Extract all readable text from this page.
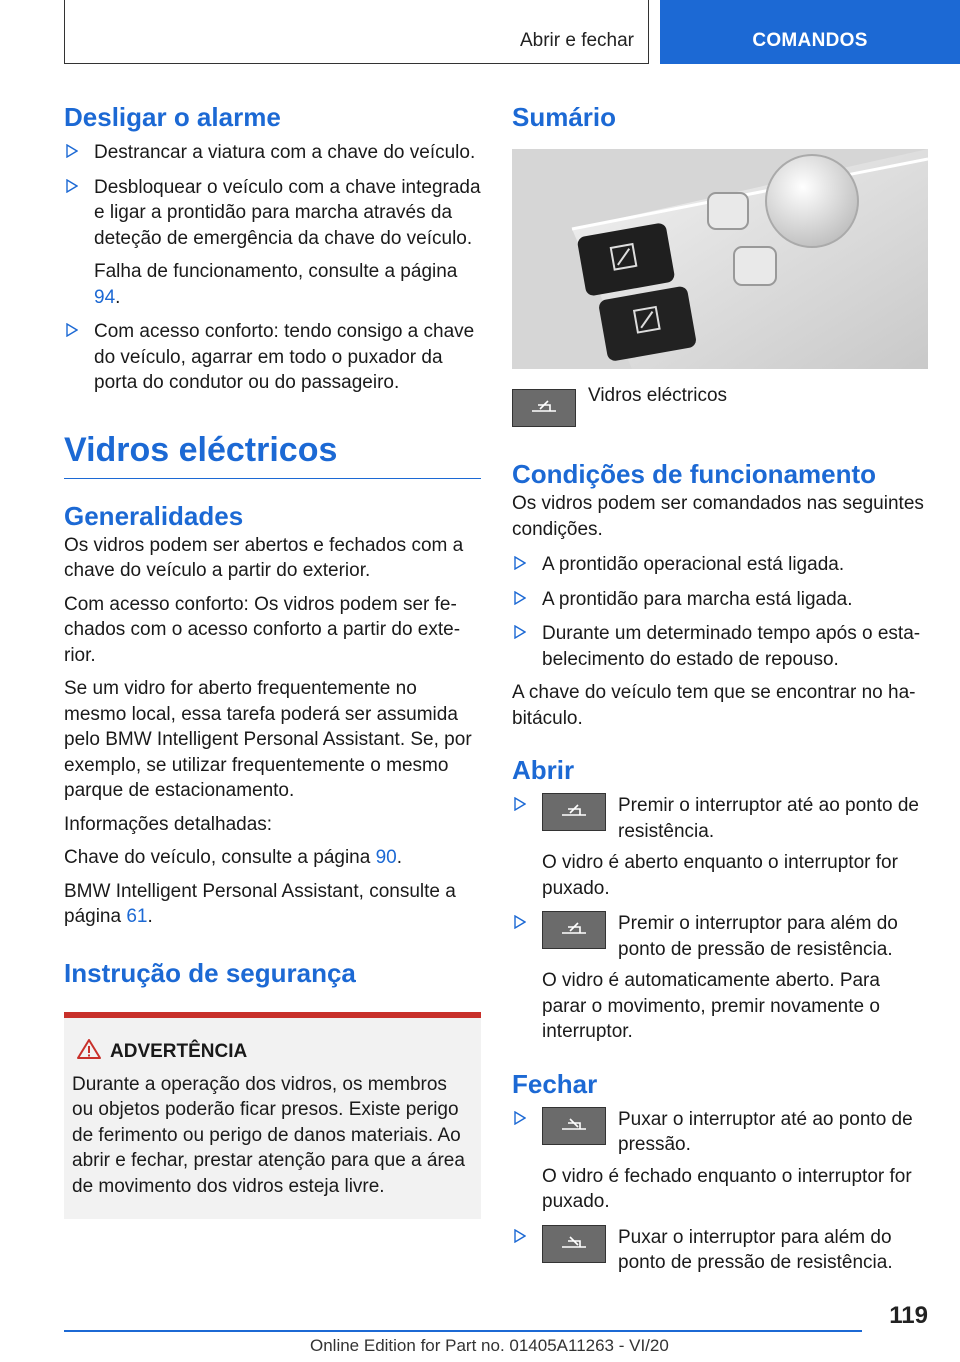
Abrir e fechar	COMANDOS
Desligar o alarme
Destrancar a viatura com a chave do veículo.
Desbloquear o veículo com a chave integrada e ligar a prontidão para marcha através da deteção de emergência da chave do veículo.

Falha de funcionamento, consulte a página 94.

Com acesso conforto: tendo consigo a chave do veículo, agarrar em todo o puxador da porta do condutor ou do passageiro.
Vidros eléctricos
Generalidades

Os vidros podem ser abertos e fechados com a chave do veículo a partir do exterior.

Com acesso conforto: Os vidros podem ser fechados com o acesso conforto a partir do exterior.

Se um vidro for aberto frequentemente no mesmo local, essa tarefa poderá ser assumida pelo BMW Intelligent Personal Assistant. Se, por exemplo, se utilizar frequentemente o mesmo parque de estacionamento.

Informações detalhadas:

Chave do veículo, consulte a página 90.

BMW Intelligent Personal Assistant, consulte a página 61.

Instrução de segurança
ADVERTÊNCIA

Durante a operação dos vidros, os membros ou objetos poderão ficar presos. Existe perigo de ferimento ou perigo de danos materiais. Ao abrir e fechar, prestar atenção para que a área de movimento dos vidros esteja livre.

Sumário

Vidros eléctricos

Condições de funcionamento

Os vidros podem ser comandados nas seguintes condições.

A prontidão operacional está ligada.
A prontidão para marcha está ligada.
Durante um determinado tempo após o estabelecimento do estado de repouso.

A chave do veículo tem que se encontrar no habitáculo.

Abrir
Premir o interruptor até ao ponto de resistência.

O vidro é aberto enquanto o interruptor for puxado.

Premir o interruptor para além do ponto de pressão de resistência.

O vidro é automaticamente aberto. Para parar o movimento, premir novamente o interruptor.

Fechar
Puxar o interruptor até ao ponto de pressão.

O vidro é fechado enquanto o interruptor for puxado.

Puxar o interruptor para além do ponto de pressão de resistência.
119
Online Edition for Part no. 01405A11263 - VI/20
